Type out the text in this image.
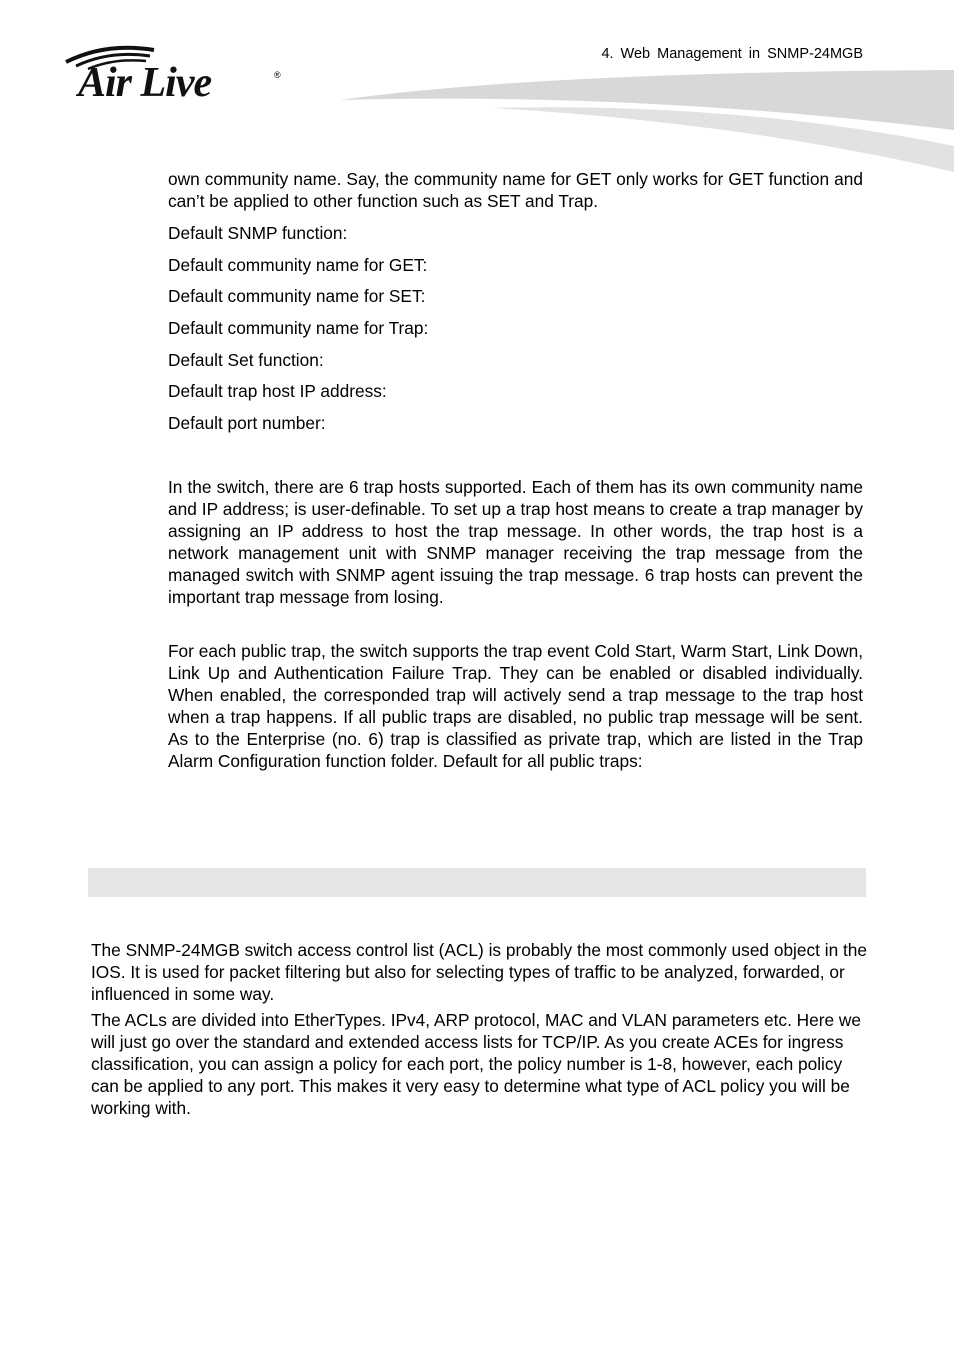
Air Live	®
4. Web Management in SNMP-24MGB
own community name. Say, the community name for GET only works for GET function and can’t be applied to other function such as SET and Trap.
Default SNMP function:
Default community name for GET:
Default community name for SET:
Default community name for Trap:
Default Set function:
Default trap host IP address:
Default port number:
In the switch, there are 6 trap hosts supported. Each of them has its own community name and IP address; is user-definable. To set up a trap host means to create a trap manager by assigning an IP address to host the trap message. In other words, the trap host is a network management unit with SNMP manager receiving the trap message from the managed switch with SNMP agent issuing the trap message. 6 trap hosts can prevent the important trap message from losing.
For each public trap, the switch supports the trap event Cold Start, Warm Start, Link Down, Link Up and Authentication Failure Trap. They can be enabled or disabled individually. When enabled, the corresponded trap will actively send a trap message to the trap host when a trap happens. If all public traps are disabled, no public trap message will be sent. As to the Enterprise (no. 6) trap is classified as private trap, which are listed in the Trap Alarm Configuration function folder. Default for all public traps:
The SNMP-24MGB switch access control list (ACL) is probably the most commonly used object in the IOS. It is used for packet filtering but also for selecting types of traffic to be analyzed, forwarded, or influenced in some way.
The ACLs are divided into EtherTypes. IPv4, ARP protocol, MAC and VLAN parameters etc. Here we will just go over the standard and extended access lists for TCP/IP. As you create ACEs for ingress classification, you can assign a policy for each port, the policy number is 1-8, however, each policy can be applied to any port. This makes it very easy to determine what type of ACL policy you will be working with.
